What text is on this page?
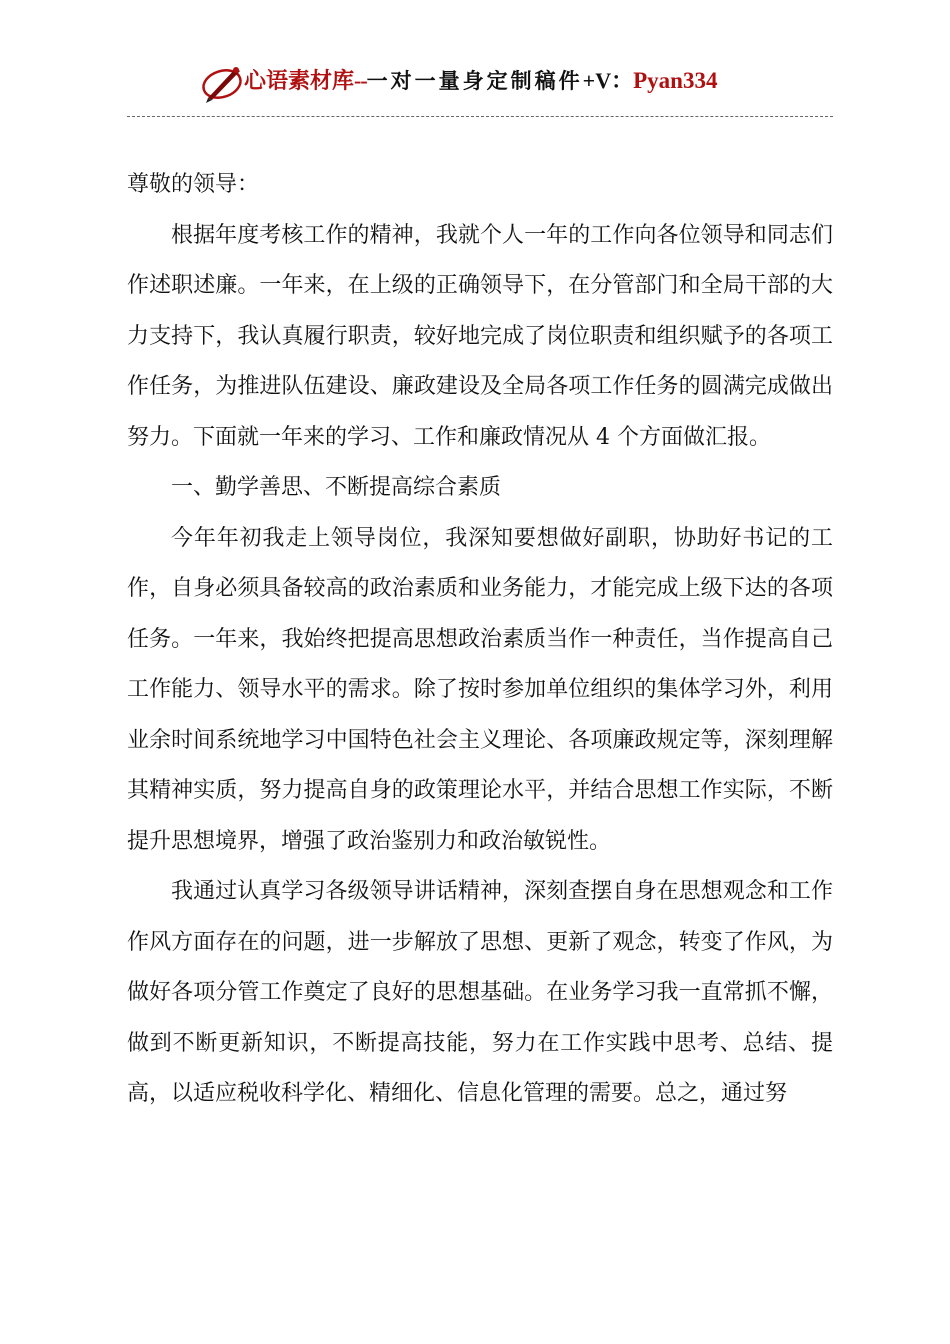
心语素材库--一对一量身定制稿件+V：Pyan334

尊敬的领导：

根据年度考核工作的精神，我就个人一年的工作向各位领导和同志们作述职述廉。一年来，在上级的正确领导下，在分管部门和全局干部的大力支持下，我认真履行职责，较好地完成了岗位职责和组织赋予的各项工作任务，为推进队伍建设、廉政建设及全局各项工作任务的圆满完成做出努力。下面就一年来的学习、工作和廉政情况从 4 个方面做汇报。

一、勤学善思、不断提高综合素质

今年年初我走上领导岗位，我深知要想做好副职，协助好书记的工作，自身必须具备较高的政治素质和业务能力，才能完成上级下达的各项任务。一年来，我始终把提高思想政治素质当作一种责任，当作提高自己工作能力、领导水平的需求。除了按时参加单位组织的集体学习外，利用业余时间系统地学习中国特色社会主义理论、各项廉政规定等，深刻理解其精神实质，努力提高自身的政策理论水平，并结合思想工作实际，不断提升思想境界，增强了政治鉴别力和政治敏锐性。

我通过认真学习各级领导讲话精神，深刻查摆自身在思想观念和工作作风方面存在的问题，进一步解放了思想、更新了观念，转变了作风，为做好各项分管工作奠定了良好的思想基础。在业务学习我一直常抓不懈，做到不断更新知识，不断提高技能，努力在工作实践中思考、总结、提高，以适应税收科学化、精细化、信息化管理的需要。总之，通过努
